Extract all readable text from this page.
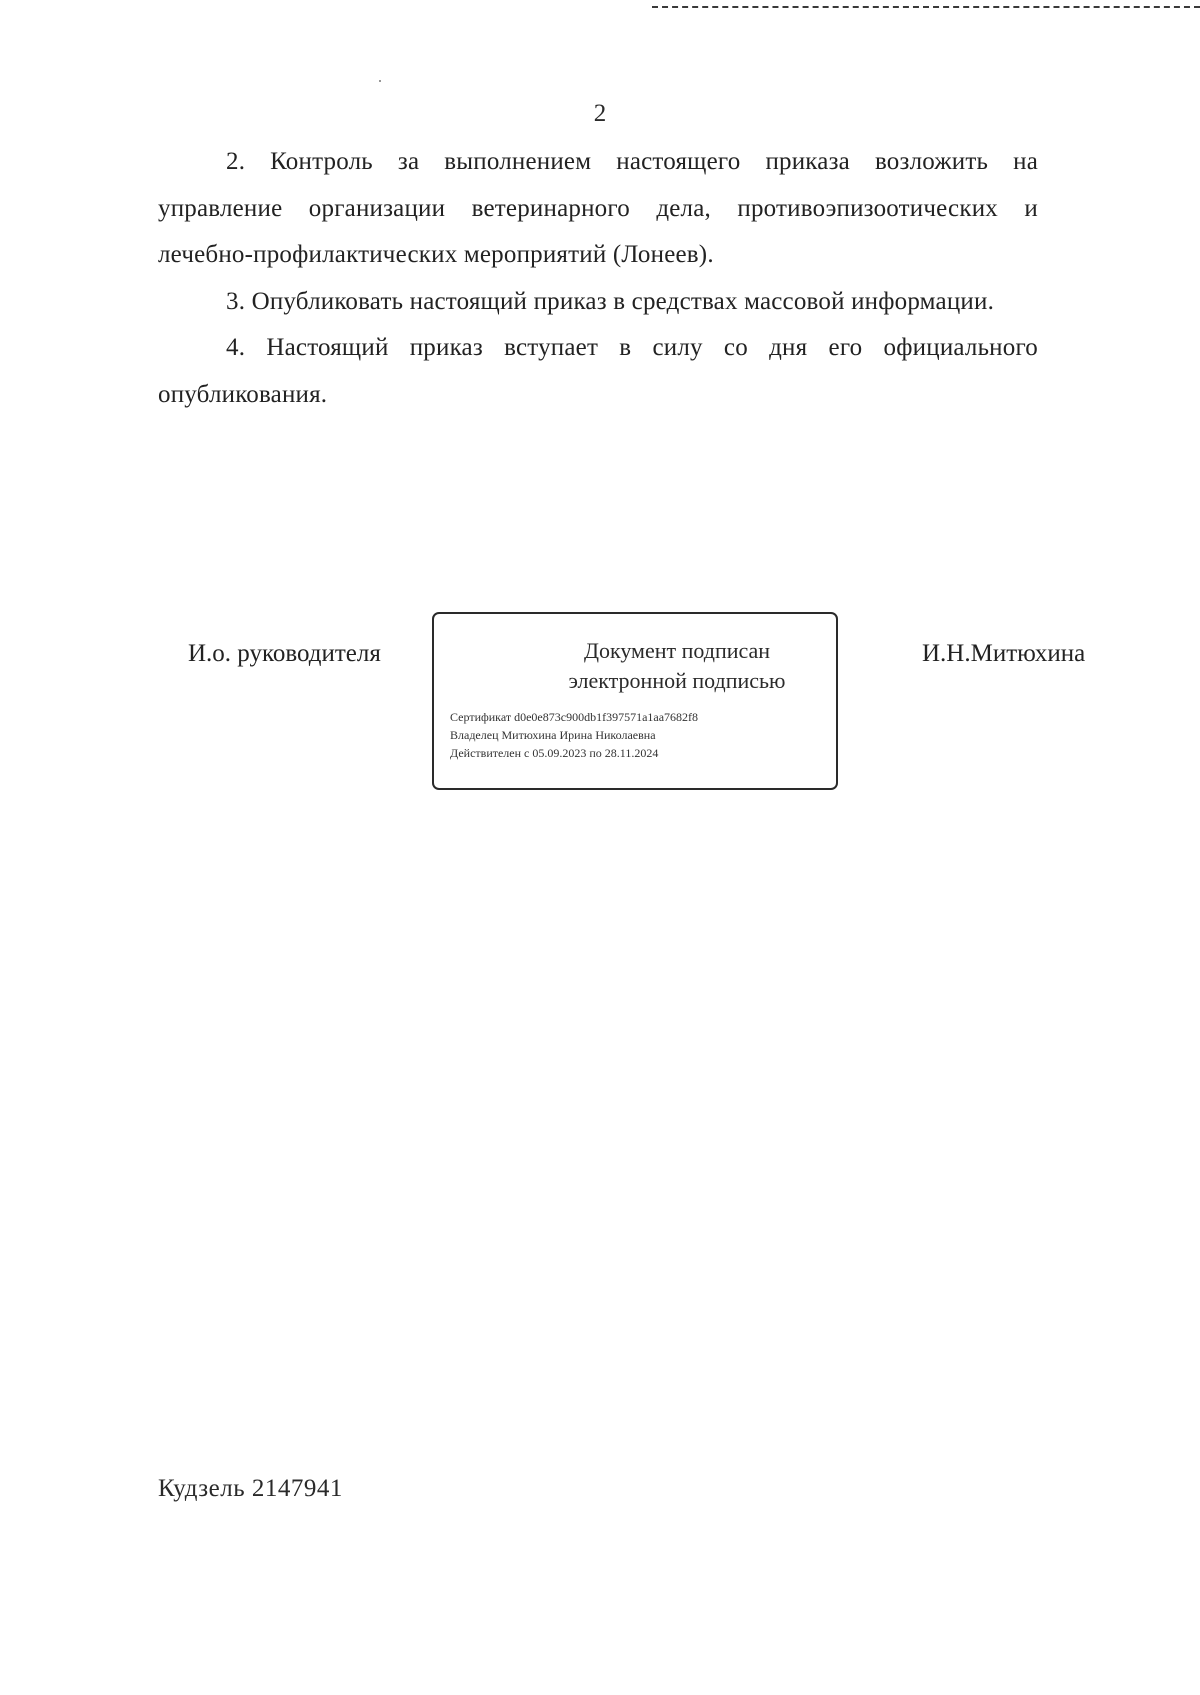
2

2. Контроль за выполнением настоящего приказа возложить на управление организации ветеринарного дела, противоэпизоотических и лечебно-профилактических мероприятий (Лонеев).

3. Опубликовать настоящий приказ в средствах массовой информации.

4. Настоящий приказ вступает в силу со дня его официального опубликования.

И.о. руководителя	Документ подписан
электронной подписью
Сертификат d0e0e873c900db1f397571a1aa7682f8
Владелец Митюхина Ирина Николаевна
Действителен с 05.09.2023 по 28.11.2024
И.Н.Митюхина
Кудзель 2147941
